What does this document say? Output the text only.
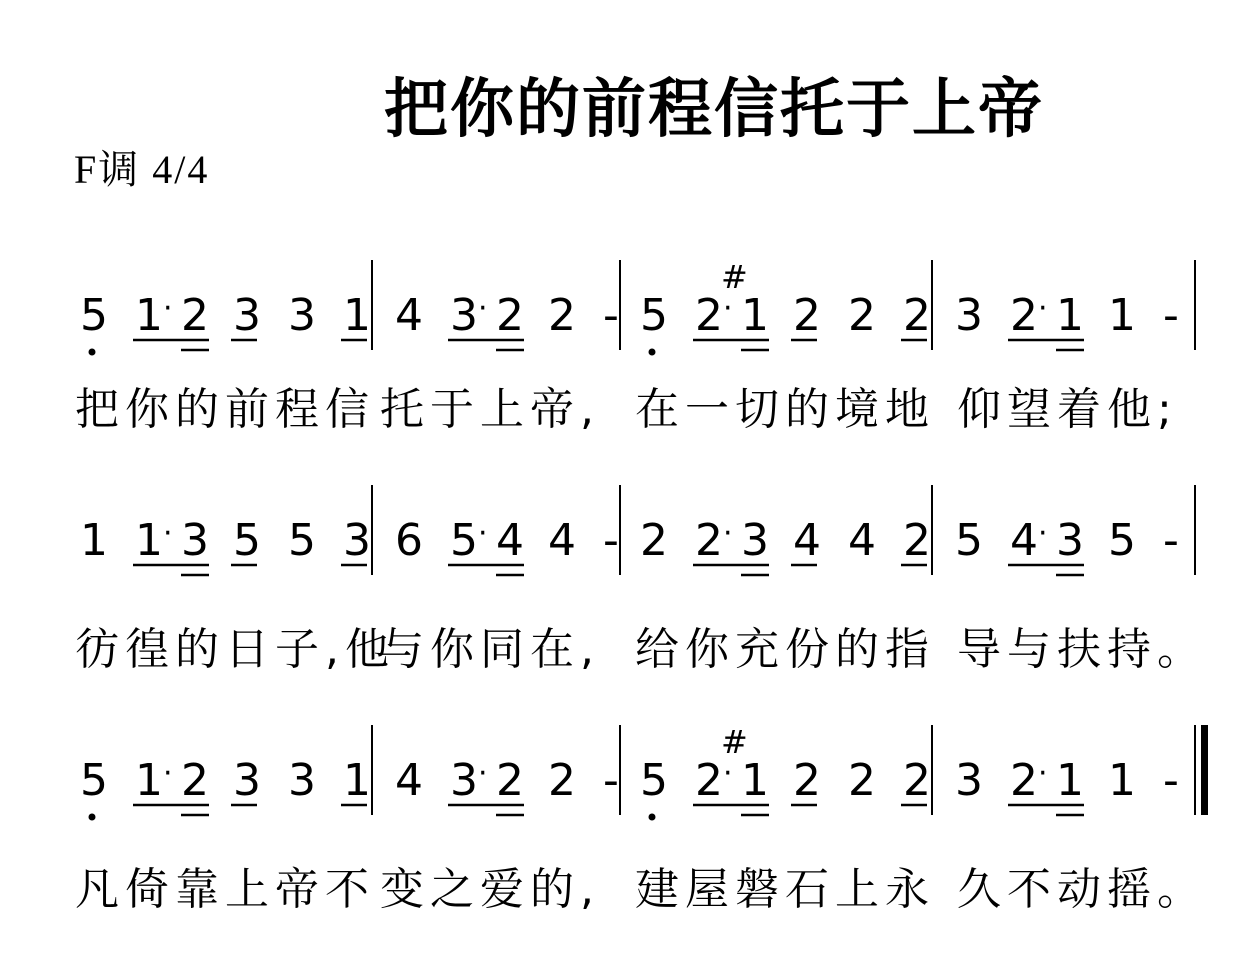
把你的前程信托于上帝
F调 4/4
5 1 · 2 3 3 1 4 3 · 2 2 - 5 2 · 1
#
2 2 2 3 2 · 1 1 -
1 1 · 3 5 5 3 6 5 · 4 4 - 2 2 · 3 4 4 2 5 4 · 3 5 -
5 1 · 2 3 3 1 4 3 · 2 2 - 5 2 · 1
#
2 2 2 3 2 · 1 1 -
把你的前程信 托于上帝, 在一切的境地 仰望着他;
彷徨的日子,他
与你同在, 给你充份的指 导与扶持。
凡倚靠上帝不 变之爱的, 建屋磐石上永 久不动摇。
